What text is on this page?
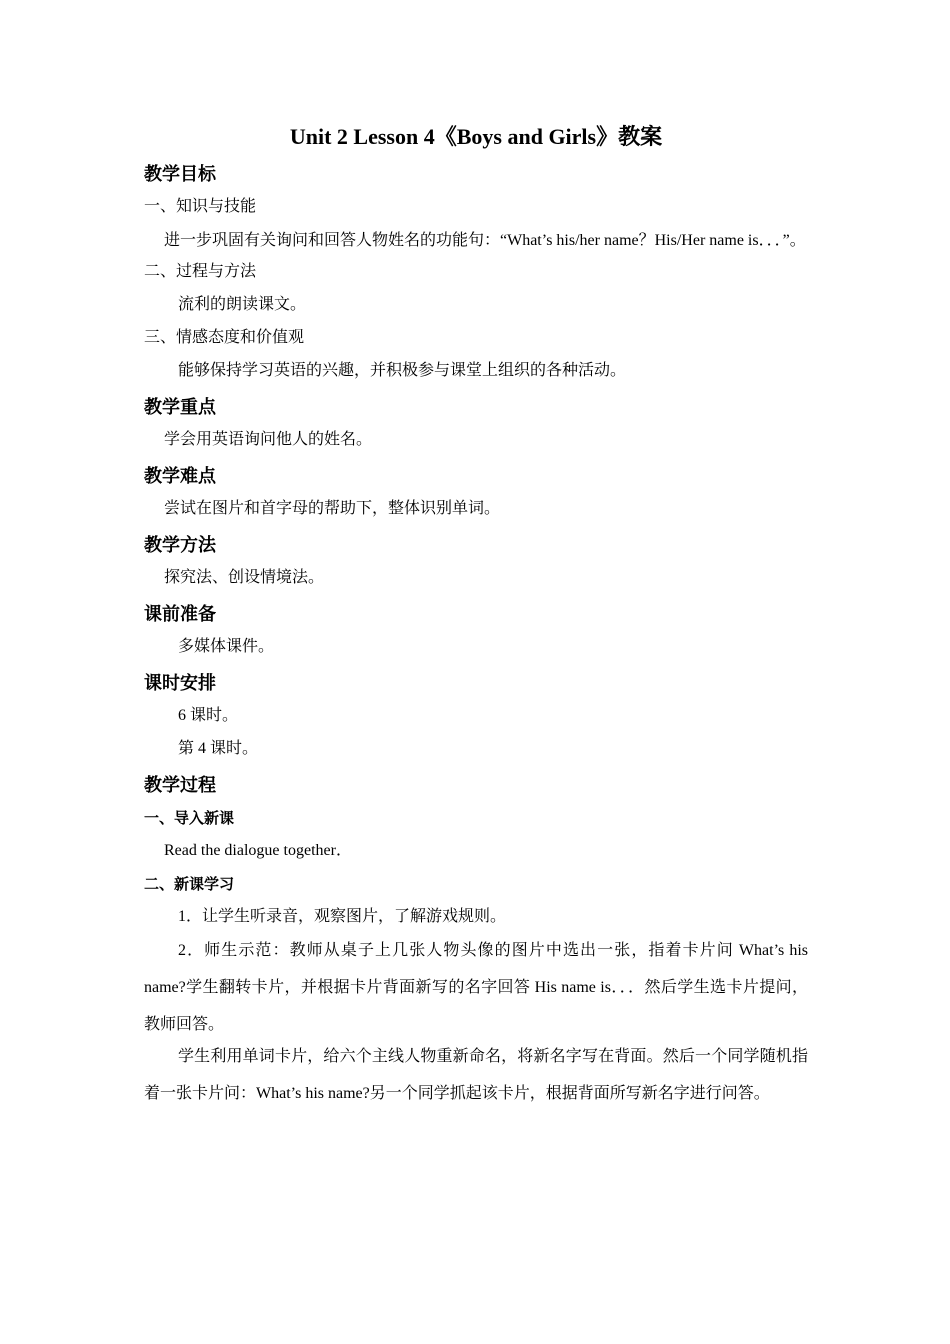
Unit 2 Lesson 4《Boys and Girls》教案
教学目标
一、知识与技能
进一步巩固有关询问和回答人物姓名的功能句：“What’s his/her name？His/Her name is．．．”。
二、过程与方法
流利的朗读课文。
三、情感态度和价值观
能够保持学习英语的兴趣，并积极参与课堂上组织的各种活动。
教学重点
学会用英语询问他人的姓名。
教学难点
尝试在图片和首字母的帮助下，整体识别单词。
教学方法
探究法、创设情境法。
课前准备
多媒体课件。
课时安排
6 课时。
第 4 课时。
教学过程
一、导入新课
Read the dialogue together．
二、新课学习
1．让学生听录音，观察图片，了解游戏规则。
2．师生示范：教师从桌子上几张人物头像的图片中选出一张，指着卡片问 What’s his name?学生翻转卡片，并根据卡片背面新写的名字回答 His name is．．．然后学生选卡片提问，教师回答。
学生利用单词卡片，给六个主线人物重新命名，将新名字写在背面。然后一个同学随机指着一张卡片问：What’s his name?另一个同学抓起该卡片，根据背面所写新名字进行问答。
